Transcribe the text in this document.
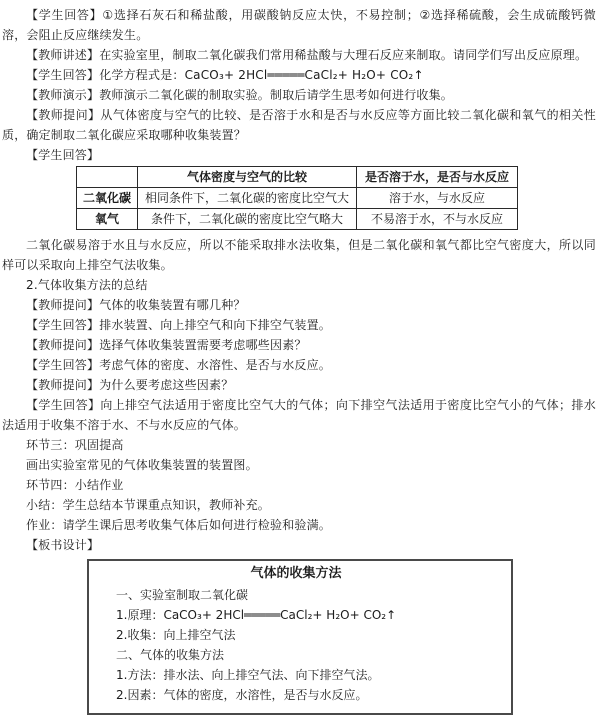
【学生回答】①选择石灰石和稀盐酸，用碳酸钠反应太快，不易控制；②选择稀硫酸，会生成硫酸钙微溶，会阻止反应继续发生。

【教师讲述】在实验室里，制取二氧化碳我们常用稀盐酸与大理石反应来制取。请同学们写出反应原理。

【学生回答】化学方程式是：CaCO₃+ 2HCl═════CaCl₂+ H₂O+ CO₂↑

【教师演示】教师演示二氧化碳的制取实验。制取后请学生思考如何进行收集。

【教师提问】从气体密度与空气的比较、是否溶于水和是否与水反应等方面比较二氧化碳和氧气的相关性质，确定制取二氧化碳应采取哪种收集装置？

【学生回答】

	气体密度与空气的比较	是否溶于水，是否与水反应
二氧化碳	相同条件下，二氧化碳的密度比空气大	溶于水，与水反应
氧气	条件下，二氧化碳的密度比空气略大	不易溶于水，不与水反应

二氧化碳易溶于水且与水反应，所以不能采取排水法收集，但是二氧化碳和氧气都比空气密度大，所以同样可以采取向上排空气法收集。

2.气体收集方法的总结

【教师提问】气体的收集装置有哪几种？

【学生回答】排水装置、向上排空气和向下排空气装置。

【教师提问】选择气体收集装置需要考虑哪些因素？

【学生回答】考虑气体的密度、水溶性、是否与水反应。

【教师提问】为什么要考虑这些因素？

【学生回答】向上排空气法适用于密度比空气大的气体；向下排空气法适用于密度比空气小的气体；排水法适用于收集不溶于水、不与水反应的气体。

环节三：巩固提高

画出实验室常见的气体收集装置的装置图。

环节四：小结作业

小结：学生总结本节课重点知识，教师补充。

作业：请学生课后思考收集气体后如何进行检验和验满。

【板书设计】

气体的收集方法
一、实验室制取二氧化碳
1.原理：CaCO₃+ 2HCl═════CaCl₂+ H₂O+ CO₂↑
2.收集：向上排空气法
二、气体的收集方法
1.方法：排水法、向上排空气法、向下排空气法。
2.因素：气体的密度，水溶性，是否与水反应。
